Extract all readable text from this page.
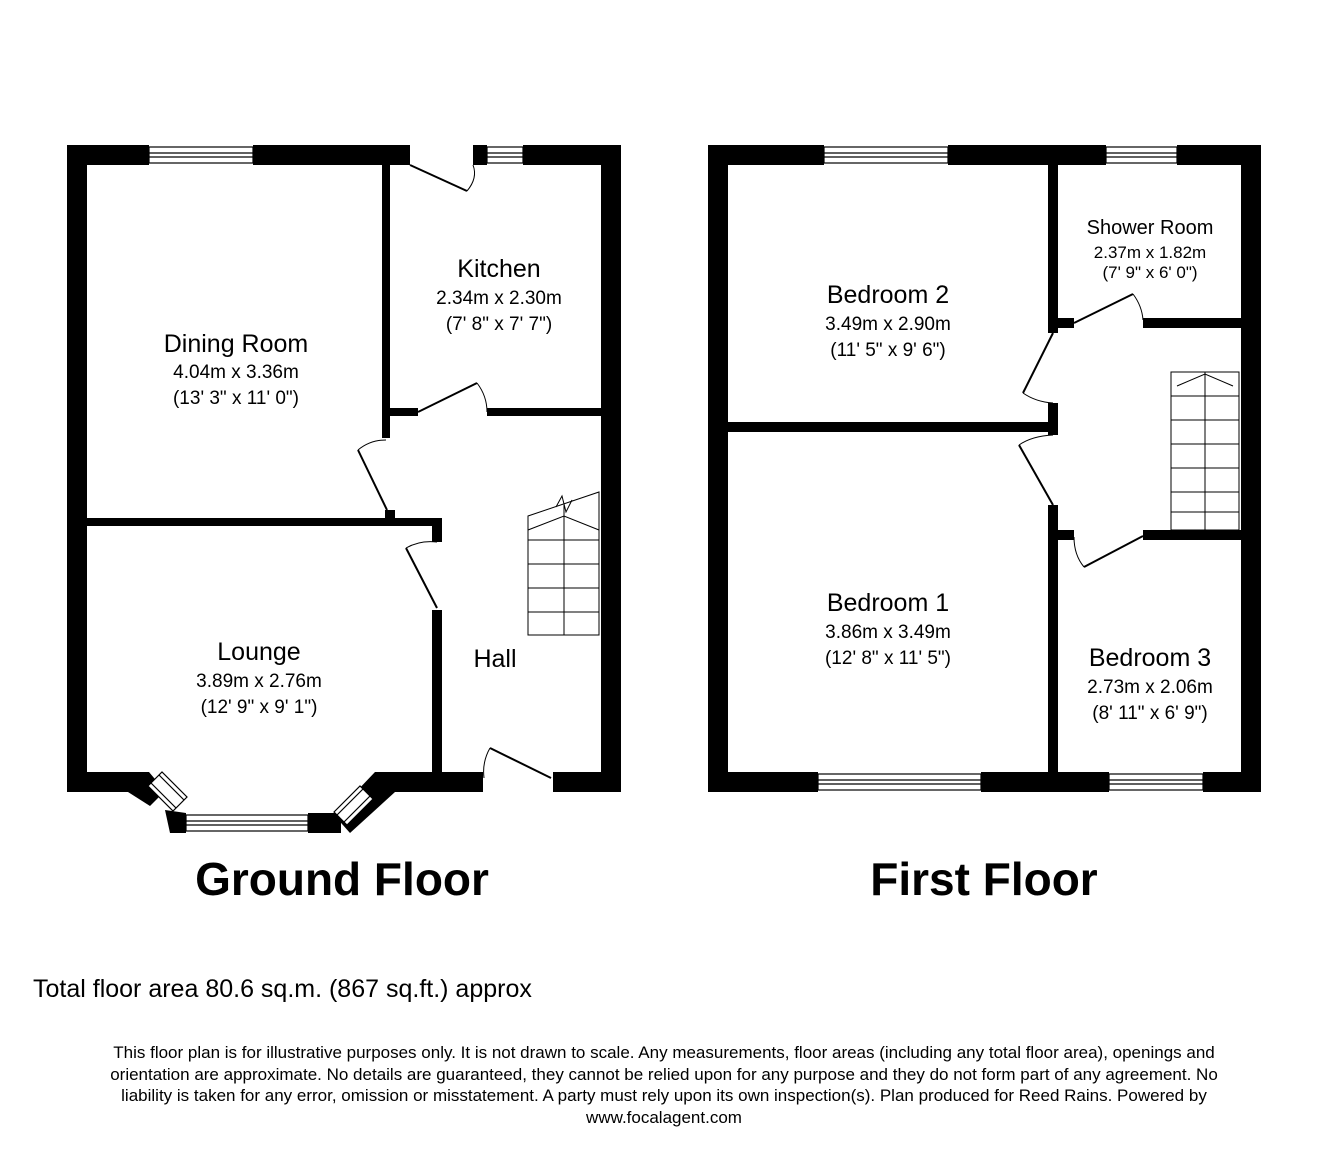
Dining Room
4.04m x 3.36m
(13' 3" x 11' 0")
Kitchen
2.34m x 2.30m
(7' 8" x 7' 7")
Lounge
3.89m x 2.76m
(12' 9" x 9' 1")
Hall
Bedroom 2
3.49m x 2.90m
(11' 5" x 9' 6")
Shower Room
2.37m x 1.82m
(7' 9" x 6' 0")
Bedroom 1
3.86m x 3.49m
(12' 8" x 11' 5")	Bedroom 3
2.73m x 2.06m
(8' 11" x 6' 9")
Ground Floor	First Floor
Total floor area 80.6 sq.m. (867 sq.ft.) approx
This floor plan is for illustrative purposes only. It is not drawn to scale. Any measurements, floor areas (including any total floor area), openings and
orientation are approximate. No details are guaranteed, they cannot be relied upon for any purpose and they do not form part of any agreement. No
liability is taken for any error, omission or misstatement. A party must rely upon its own inspection(s). Plan produced for Reed Rains. Powered by
www.focalagent.com
